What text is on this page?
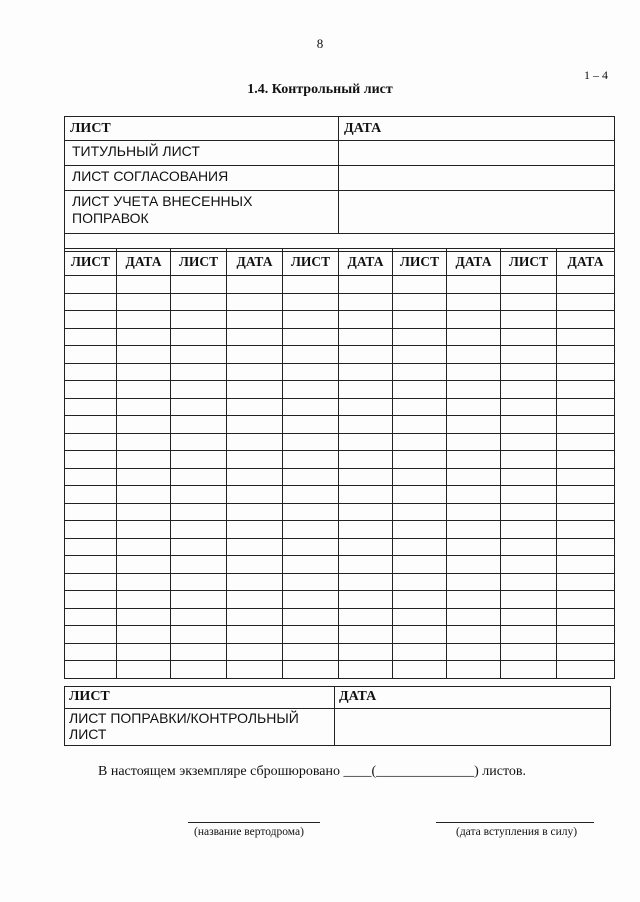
8
1 – 4
1.4. Контрольный лист
ЛИСТ	ДАТА
ТИТУЛЬНЫЙ ЛИСТ	
ЛИСТ СОГЛАСОВАНИЯ	
ЛИСТ УЧЕТА ВНЕСЕННЫХ ПОПРАВОК	

ЛИСТ	ДАТА	ЛИСТ	ДАТА	ЛИСТ	ДАТА	ЛИСТ	ДАТА	ЛИСТ	ДАТА

ЛИСТ	ДАТА
ЛИСТ ПОПРАВКИ/КОНТРОЛЬНЫЙ ЛИСТ	
В настоящем экземпляре сброшюровано ____(______________) листов.
(название вертодрома)	(дата вступления в силу)
